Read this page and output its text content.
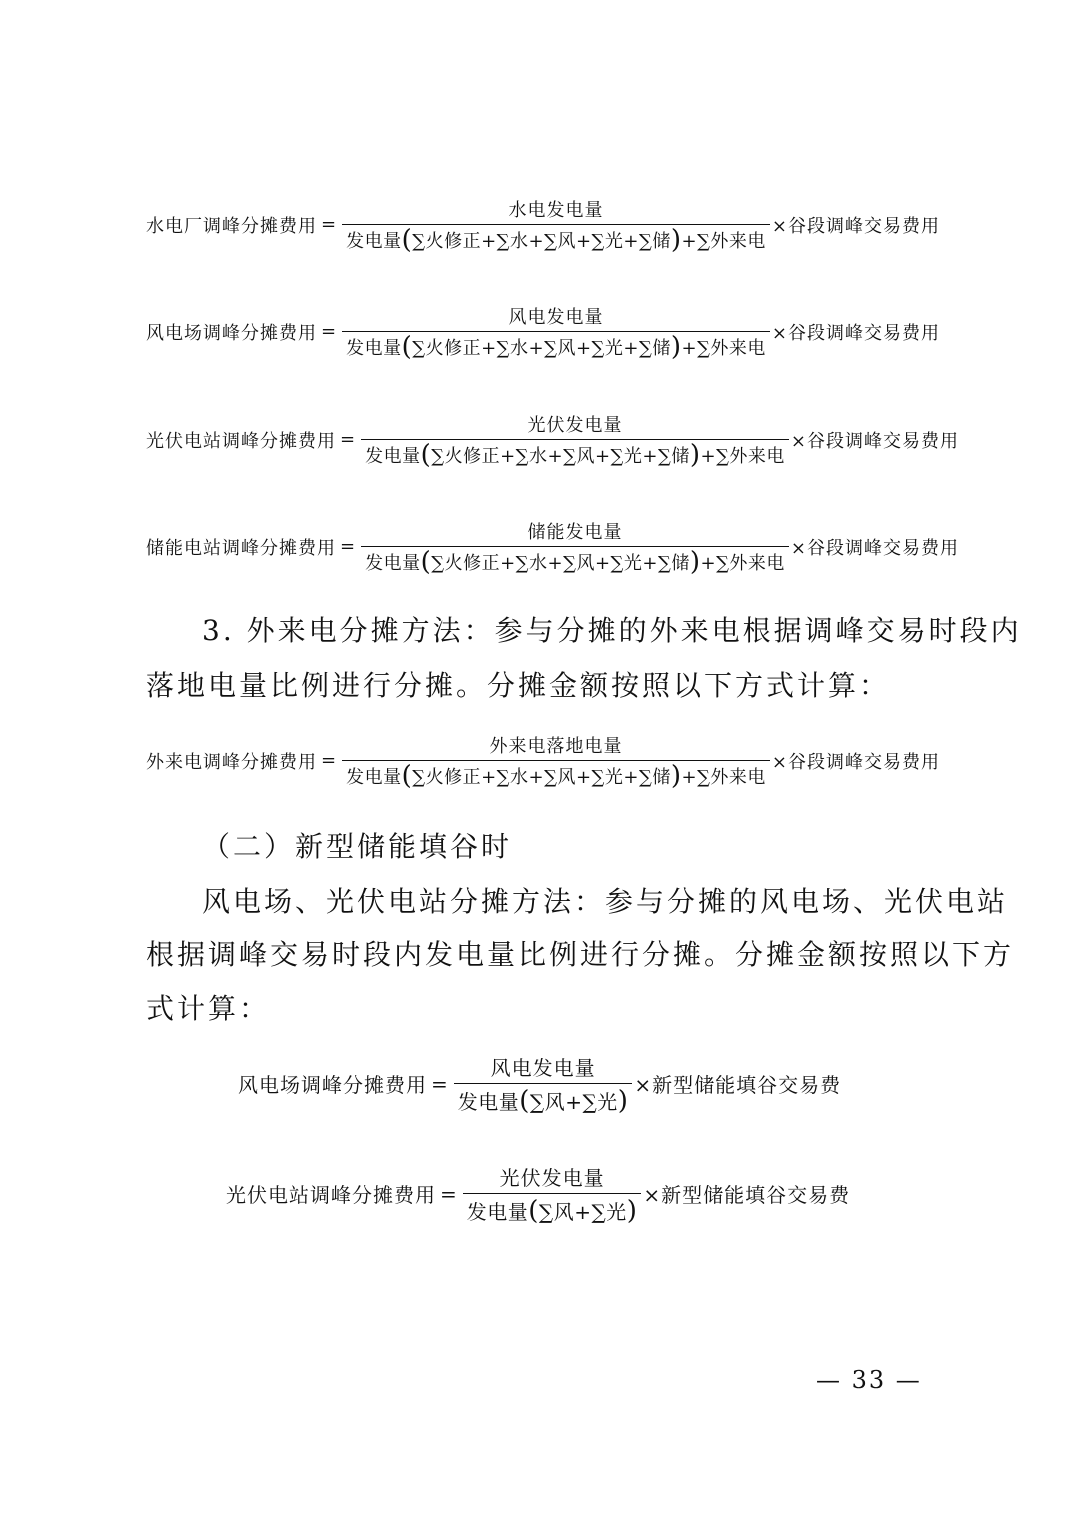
水电厂调峰分摊费用 = $\frac{\text{水电发电量}}{\text{发电量 ( ∑火修正+∑水+∑风+∑光+∑储 ) +∑外来电}}$ ×谷段调峰交易费用
风电场调峰分摊费用 = $\frac{\text{风电发电量}}{\text{发电量 ( ∑火修正+∑水+∑风+∑光+∑储 ) +∑外来电}}$ ×谷段调峰交易费用
光伏电站调峰分摊费用 = $\frac{\text{光伏发电量}}{\text{发电量 ( ∑火修正+∑水+∑风+∑光+∑储 ) +∑外来电}}$ ×谷段调峰交易费用
储能电站调峰分摊费用 = $\frac{\text{储能发电量}}{\text{发电量 ( ∑火修正+∑水+∑风+∑光+∑储 ) +∑外来电}}$ ×谷段调峰交易费用
3. 外来电分摊方法：参与分摊的外来电根据调峰交易时段内
落地电量比例进行分摊。分摊金额按照以下方式计算：
外来电调峰分摊费用 = $\frac{\text{外来电落地电量}}{\text{发电量 ( ∑火修正+∑水+∑风+∑光+∑储 ) +∑外来电}}$ ×谷段调峰交易费用
（二）新型储能填谷时
风电场、光伏电站分摊方法：参与分摊的风电场、光伏电站
根据调峰交易时段内发电量比例进行分摊。分摊金额按照以下方
式计算：
风电场调峰分摊费用 = $\frac{\text{风电发电量}}{\text{发电量 ( ∑风+∑光 )}}$ ×新型储能填谷交易费
光伏电站调峰分摊费用 = $\frac{\text{光伏发电量}}{\text{发电量 ( ∑风+∑光 )}}$ ×新型储能填谷交易费
— 33 —
